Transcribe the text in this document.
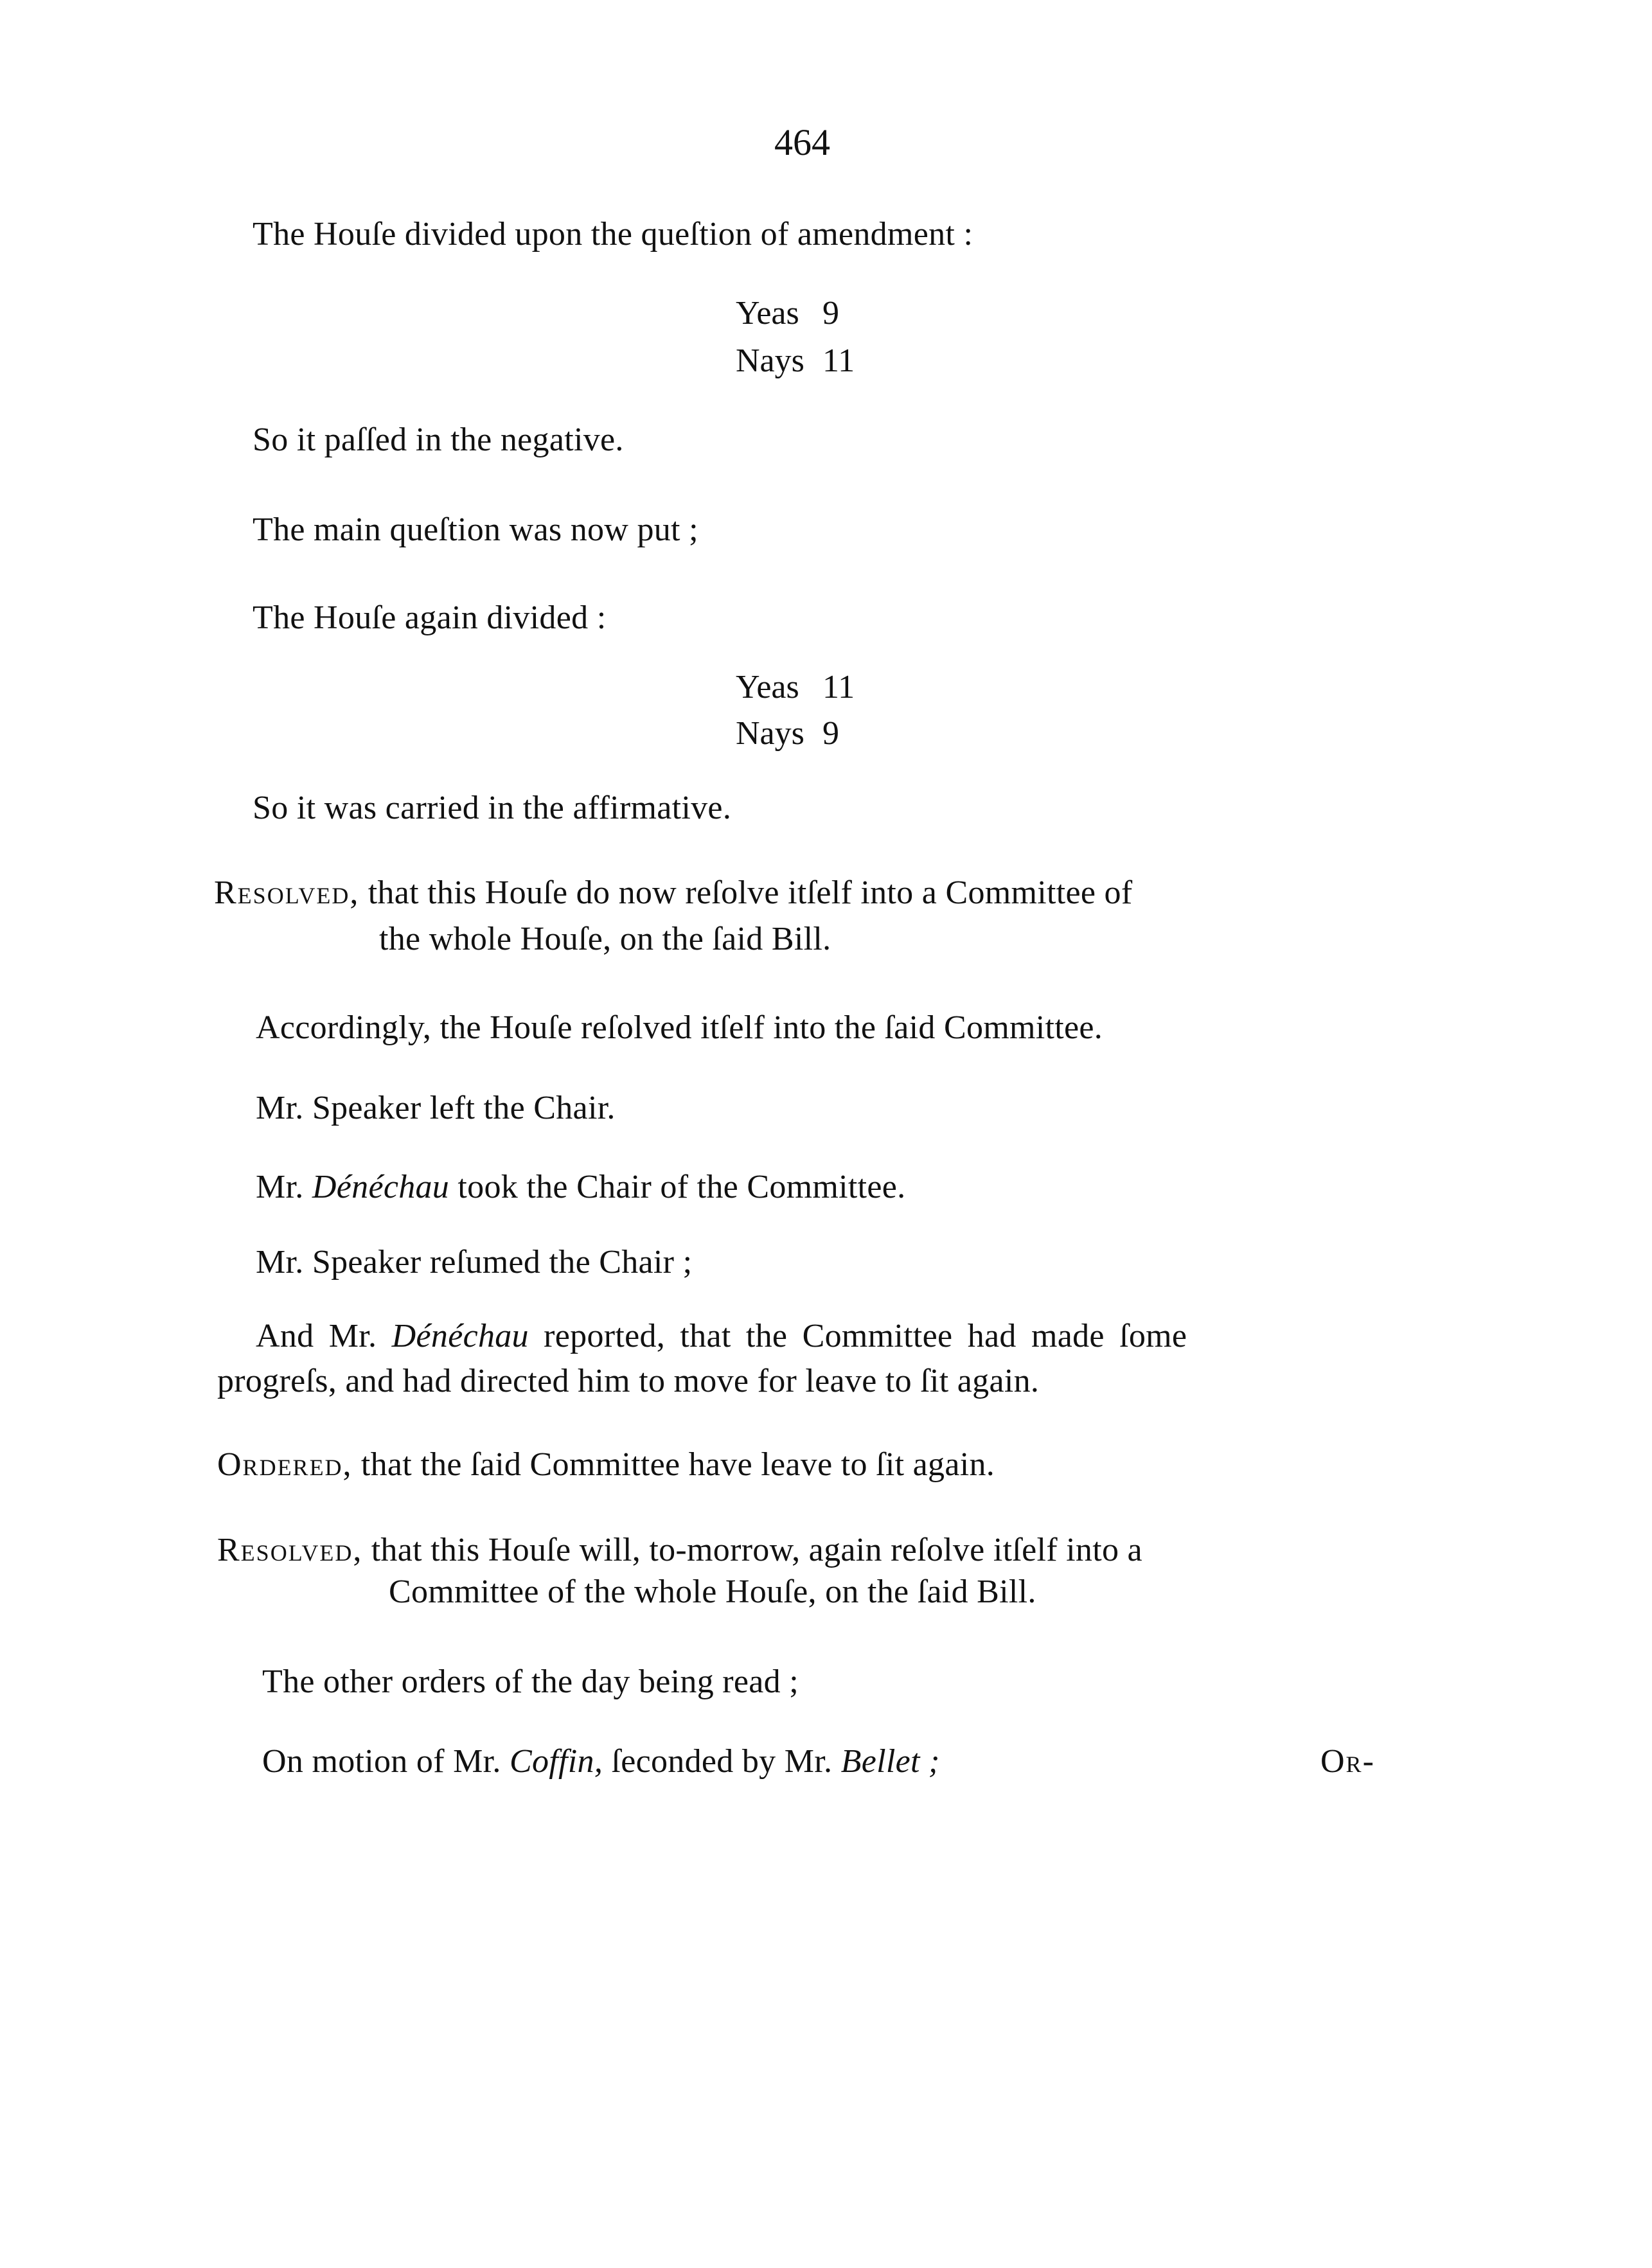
464
The Houſe divided upon the queſtion of amendment :
Yeas 9
Nays 11
So it paſſed in the negative.
The main queſtion was now put ;
The Houſe again divided :
Yeas 11
Nays 9
So it was carried in the affirmative.
Resolved, that this Houſe do now reſolve itſelf into a Committee of
the whole Houſe, on the ſaid Bill.
Accordingly, the Houſe reſolved itſelf into the ſaid Committee.
Mr. Speaker left the Chair.
Mr. Dénéchau took the Chair of the Committee.
Mr. Speaker reſumed the Chair ;
And Mr. Dénéchau reported, that the Committee had made ſome
progreſs, and had directed him to move for leave to ſit again.
Ordered, that the ſaid Committee have leave to ſit again.
Resolved, that this Houſe will, to-morrow, again reſolve itſelf into a
Committee of the whole Houſe, on the ſaid Bill.
The other orders of the day being read ;
On motion of Mr. Coffin, ſeconded by Mr. Bellet ;	Or-
